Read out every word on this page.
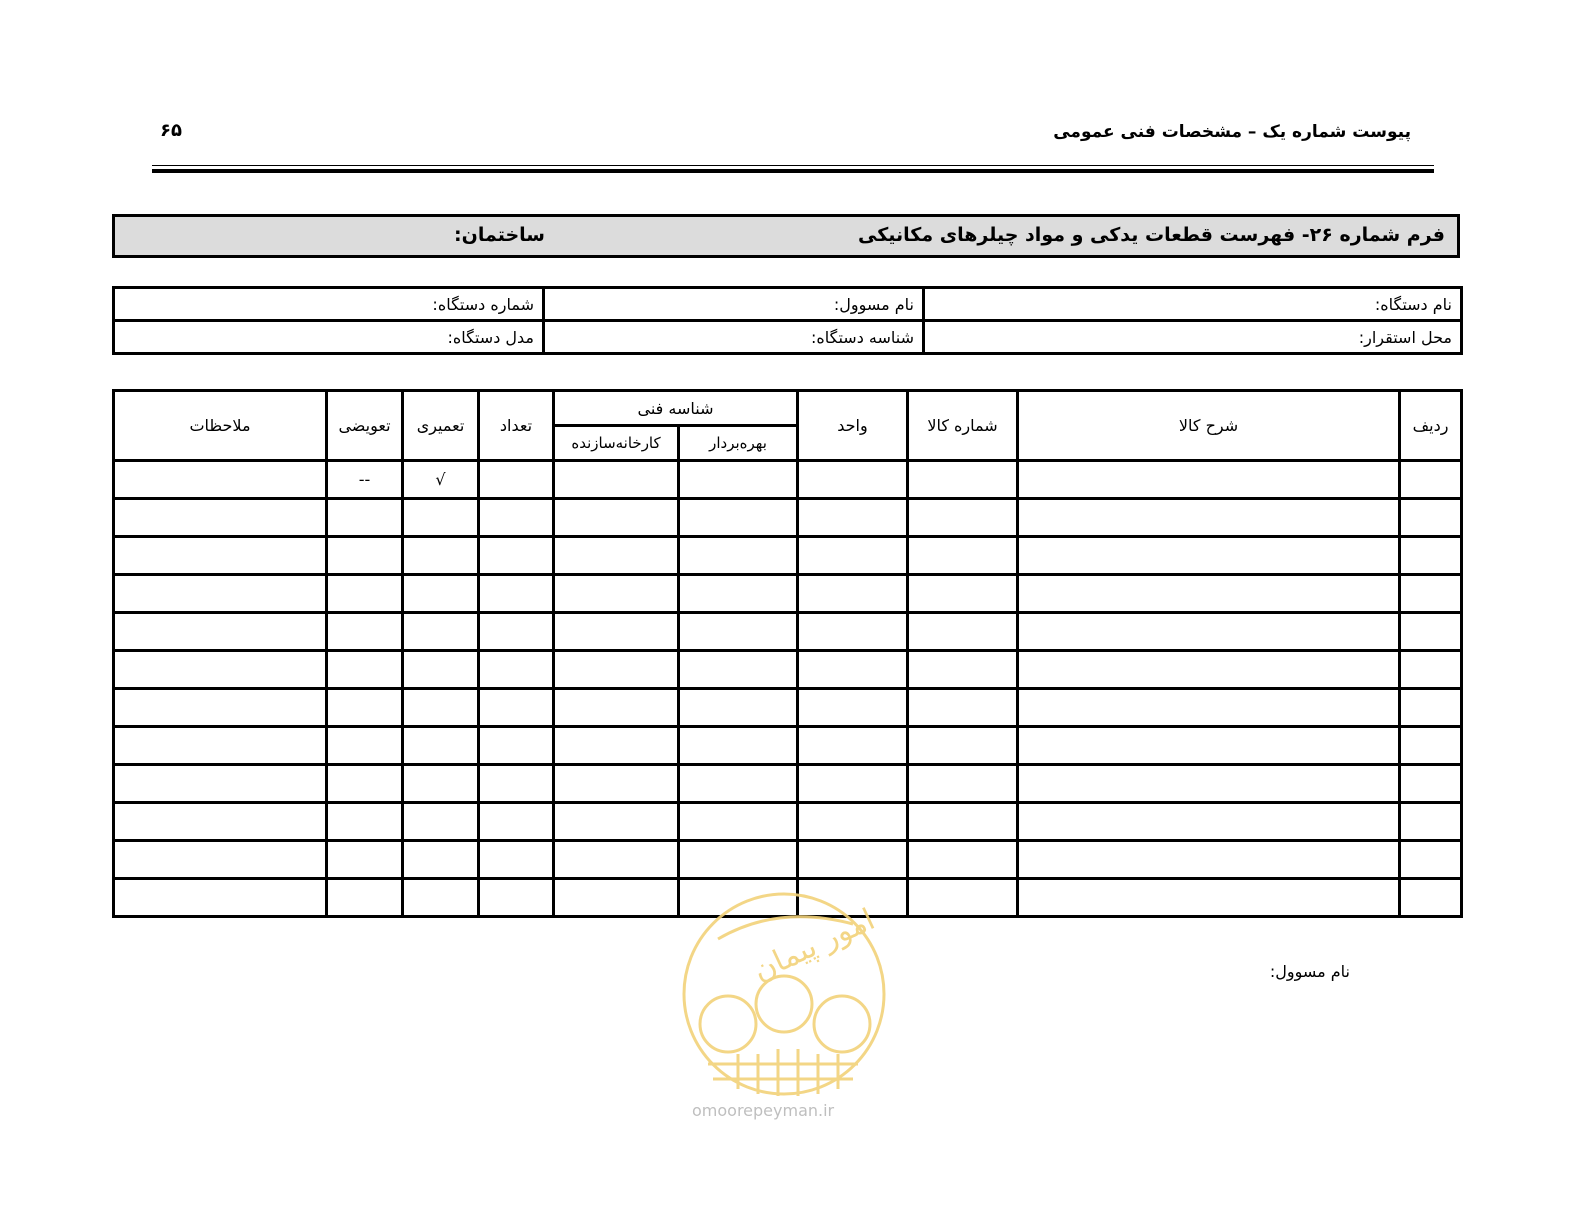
پیوست شماره یک – مشخصات فنی عمومی
۶۵
فرم شماره ۲۶- فهرست قطعات یدکی و مواد چیلرهای مکانیکی
ساختمان:
نام دستگاه:	نام مسوول:	شماره دستگاه:
محل استقرار:	شناسه دستگاه:	مدل دستگاه:
ردیف	شرح کالا	شماره کالا	واحد	شناسه فنی		تعداد	تعمیری	تعویضی	ملاحظات
				بهره‌بردار	کارخانه‌سازنده				
							√	--	

نام مسوول:
امور پیمان
omoorepeyman.ir
